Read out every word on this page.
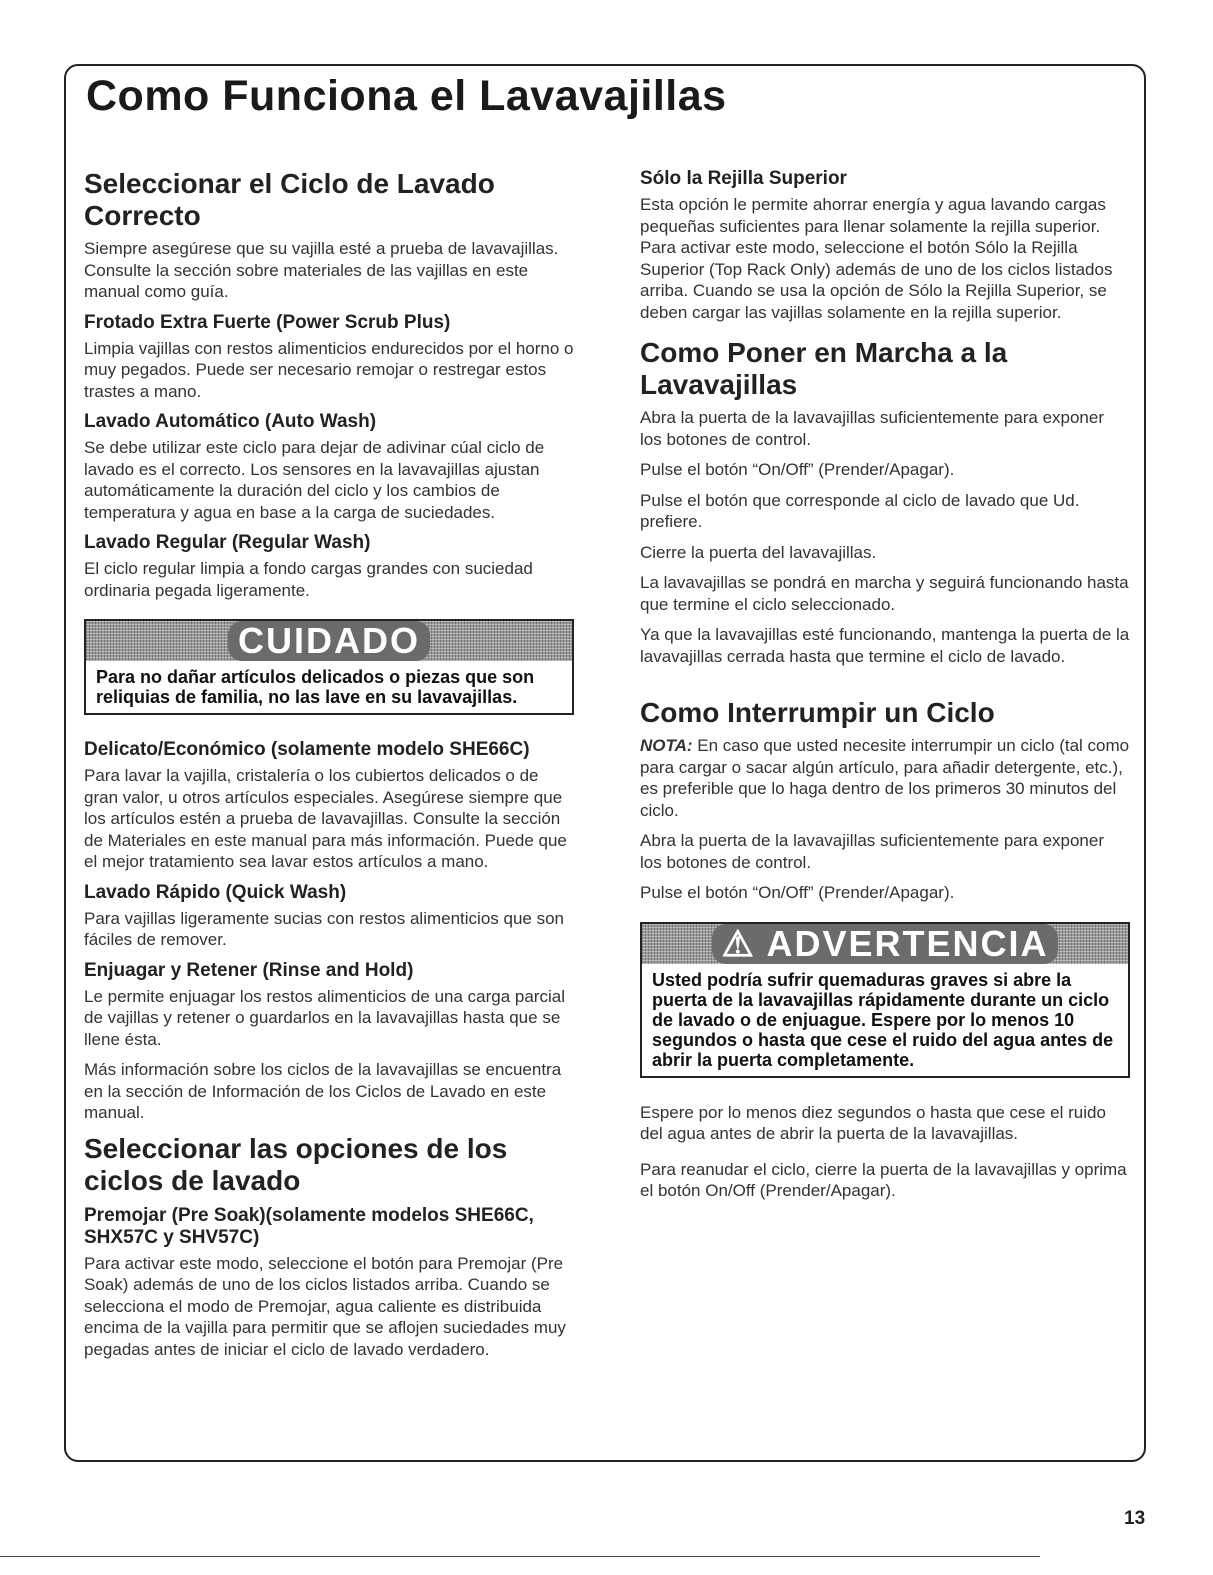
Como Funciona el Lavavajillas
Seleccionar el Ciclo de Lavado Correcto

Siempre asegúrese que su vajilla esté a prueba de lavavajillas. Consulte la sección sobre materiales de las vajillas en este manual como guía.

Frotado Extra Fuerte (Power Scrub Plus)

Limpia vajillas con restos alimenticios endurecidos por el horno o muy pegados. Puede ser necesario remojar o restregar estos trastes a mano.

Lavado Automático (Auto Wash)

Se debe utilizar este ciclo para dejar de adivinar cúal ciclo de lavado es el correcto. Los sensores en la lavavajillas ajustan automáticamente la duración del ciclo y los cambios de temperatura y agua en base a la carga de suciedades.

Lavado Regular (Regular Wash)

El ciclo regular limpia a fondo cargas grandes con suciedad ordinaria pegada ligeramente.

CUIDADO
Para no dañar artículos delicados o piezas que son reliquias de familia, no las lave en su lavavajillas.
Delicato/Económico (solamente modelo SHE66C)

Para lavar la vajilla, cristalería o los cubiertos delicados o de gran valor, u otros artículos especiales. Asegúrese siempre que los artículos estén a prueba de lavavajillas. Consulte la sección de Materiales en este manual para más información. Puede que el mejor tratamiento sea lavar estos artículos a mano.

Lavado Rápido (Quick Wash)

Para vajillas ligeramente sucias con restos alimenticios que son fáciles de remover.

Enjuagar y Retener (Rinse and Hold)

Le permite enjuagar los restos alimenticios de una carga parcial de vajillas y retener o guardarlos en la lavavajillas hasta que se llene ésta.

Más información sobre los ciclos de la lavavajillas se encuentra en la sección de Información de los Ciclos de Lavado en este manual.

Seleccionar las opciones de los ciclos de lavado
Premojar (Pre Soak)(solamente modelos SHE66C, SHX57C y SHV57C)

Para activar este modo, seleccione el botón para Premojar (Pre Soak) además de uno de los ciclos listados arriba. Cuando se selecciona el modo de Premojar, agua caliente es distribuida encima de la vajilla para permitir que se aflojen suciedades muy pegadas antes de iniciar el ciclo de lavado verdadero.

Sólo la Rejilla Superior

Esta opción le permite ahorrar energía y agua lavando cargas pequeñas suficientes para llenar solamente la rejilla superior. Para activar este modo, seleccione el botón Sólo la Rejilla Superior (Top Rack Only) además de uno de los ciclos listados arriba. Cuando se usa la opción de Sólo la Rejilla Superior, se deben cargar las vajillas solamente en la rejilla superior.

Como Poner en Marcha a la Lavavajillas

Abra la puerta de la lavavajillas suficientemente para exponer los botones de control.

Pulse el botón “On/Off” (Prender/Apagar).

Pulse el botón que corresponde al ciclo de lavado que Ud. prefiere.

Cierre la puerta del lavavajillas.

La lavavajillas se pondrá en marcha y seguirá funcionando hasta que termine el ciclo seleccionado.

Ya que la lavavajillas esté funcionando, mantenga la puerta de la lavavajillas cerrada hasta que termine el ciclo de lavado.

Como Interrumpir un Ciclo

NOTA: En caso que usted necesite interrumpir un ciclo (tal como para cargar o sacar algún artículo, para añadir detergente, etc.), es preferible que lo haga dentro de los primeros 30 minutos del ciclo.

Abra la puerta de la lavavajillas suficientemente para exponer los botones de control.

Pulse el botón “On/Off” (Prender/Apagar).

⚠ ADVERTENCIA
Usted podría sufrir quemaduras graves si abre la puerta de la lavavajillas rápidamente durante un ciclo de lavado o de enjuague. Espere por lo menos 10 segundos o hasta que cese el ruido del agua antes de abrir la puerta completamente.

Espere por lo menos diez segundos o hasta que cese el ruido del agua antes de abrir la puerta de la lavavajillas.

Para reanudar el ciclo, cierre la puerta de la lavavajillas y oprima el botón On/Off (Prender/Apagar).

13
